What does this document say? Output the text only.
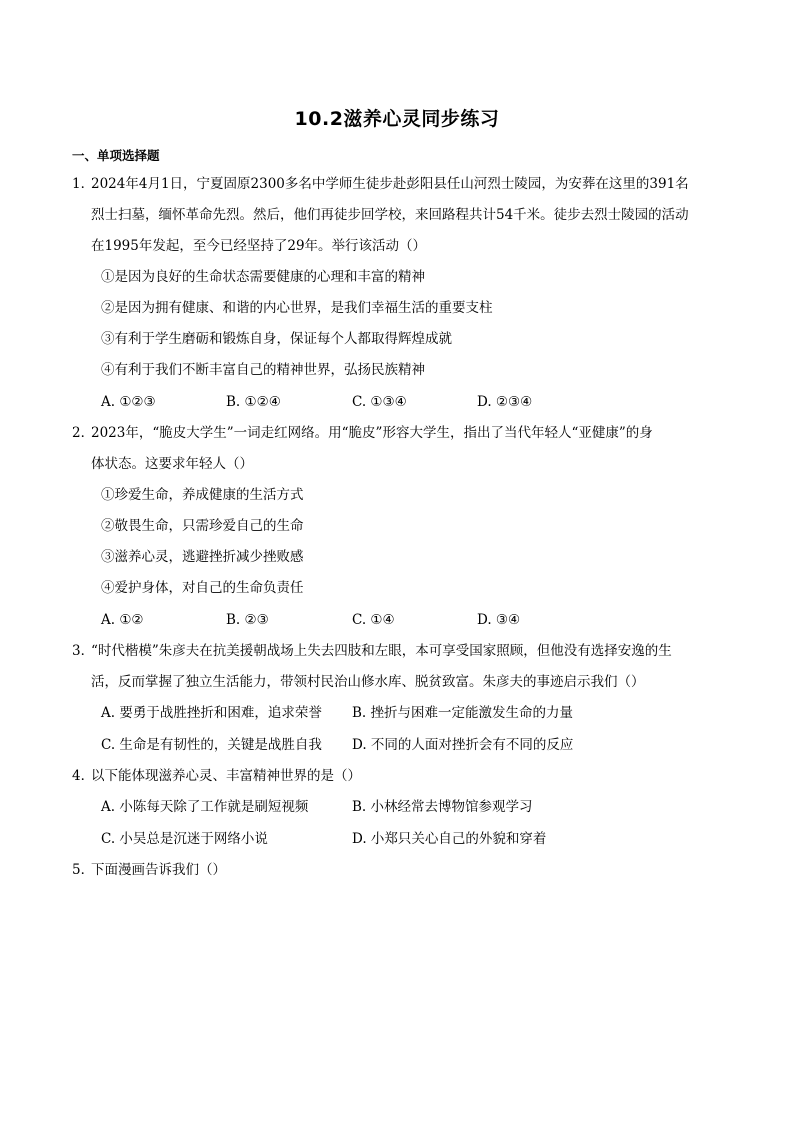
10.2滋养心灵同步练习
一、单项选择题
1．
2024年4月1日，宁夏固原2300多名中学师生徒步赴彭阳县任山河烈士陵园，为安葬在这里的391名
烈士扫墓，缅怀革命先烈。然后，他们再徒步回学校，来回路程共计54千米。徒步去烈士陵园的活动
在1995年发起，至今已经坚持了29年。举行该活动（）
①是因为良好的生命状态需要健康的心理和丰富的精神
②是因为拥有健康、和谐的内心世界，是我们幸福生活的重要支柱
③有利于学生磨砺和锻炼自身，保证每个人都取得辉煌成就
④有利于我们不断丰富自己的精神世界，弘扬民族精神
A. ①②③	B. ①②④	C. ①③④	D. ②③④
2．
2023年，“脆皮大学生”一词走红网络。用“脆皮”形容大学生，指出了当代年轻人“亚健康”的身
体状态。这要求年轻人（）
①珍爱生命，养成健康的生活方式
②敬畏生命，只需珍爱自己的生命
③滋养心灵，逃避挫折减少挫败感
④爱护身体，对自己的生命负责任
A. ①②	B. ②③	C. ①④	D. ③④
3．
“时代楷模”朱彦夫在抗美援朝战场上失去四肢和左眼，本可享受国家照顾，但他没有选择安逸的生
活，反而掌握了独立生活能力，带领村民治山修水库、脱贫致富。朱彦夫的事迹启示我们（）
A. 要勇于战胜挫折和困难，追求荣誉 B. 挫折与困难一定能激发生命的力量
C. 生命是有韧性的，关键是战胜自我 D. 不同的人面对挫折会有不同的反应
4．
以下能体现滋养心灵、丰富精神世界的是（）
A. 小陈每天除了工作就是刷短视频	B. 小林经常去博物馆参观学习
C. 小吴总是沉迷于网络小说	D. 小郑只关心自己的外貌和穿着
5．
下面漫画告诉我们（）
